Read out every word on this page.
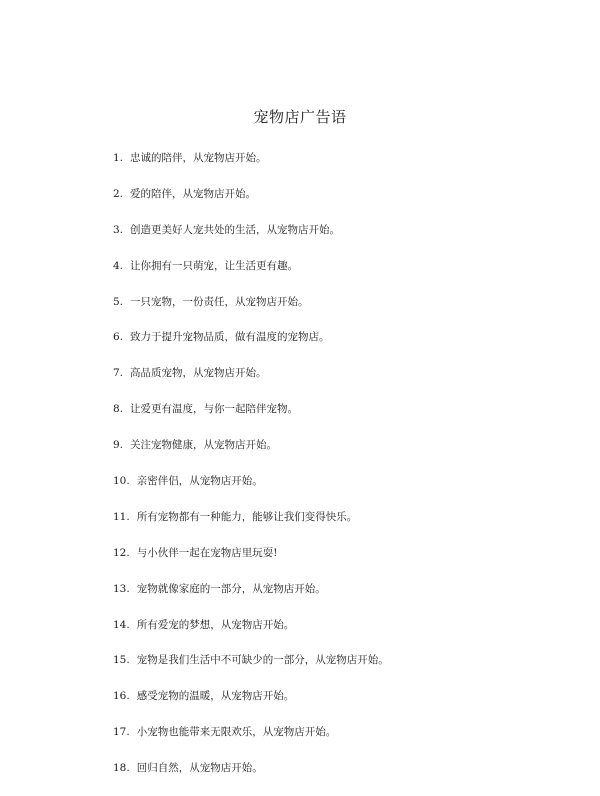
宠物店广告语
1. 忠诚的陪伴，从宠物店开始。
2. 爱的陪伴，从宠物店开始。
3. 创造更美好人宠共处的生活，从宠物店开始。
4. 让你拥有一只萌宠，让生活更有趣。
5. 一只宠物，一份责任，从宠物店开始。
6. 致力于提升宠物品质，做有温度的宠物店。
7. 高品质宠物，从宠物店开始。
8. 让爱更有温度，与你一起陪伴宠物。
9. 关注宠物健康，从宠物店开始。
10. 亲密伴侣，从宠物店开始。
11. 所有宠物都有一种能力，能够让我们变得快乐。
12. 与小伙伴一起在宠物店里玩耍!
13. 宠物就像家庭的一部分，从宠物店开始。
14. 所有爱宠的梦想，从宠物店开始。
15. 宠物是我们生活中不可缺少的一部分，从宠物店开始。
16. 感受宠物的温暖，从宠物店开始。
17. 小宠物也能带来无限欢乐，从宠物店开始。
18. 回归自然，从宠物店开始。
